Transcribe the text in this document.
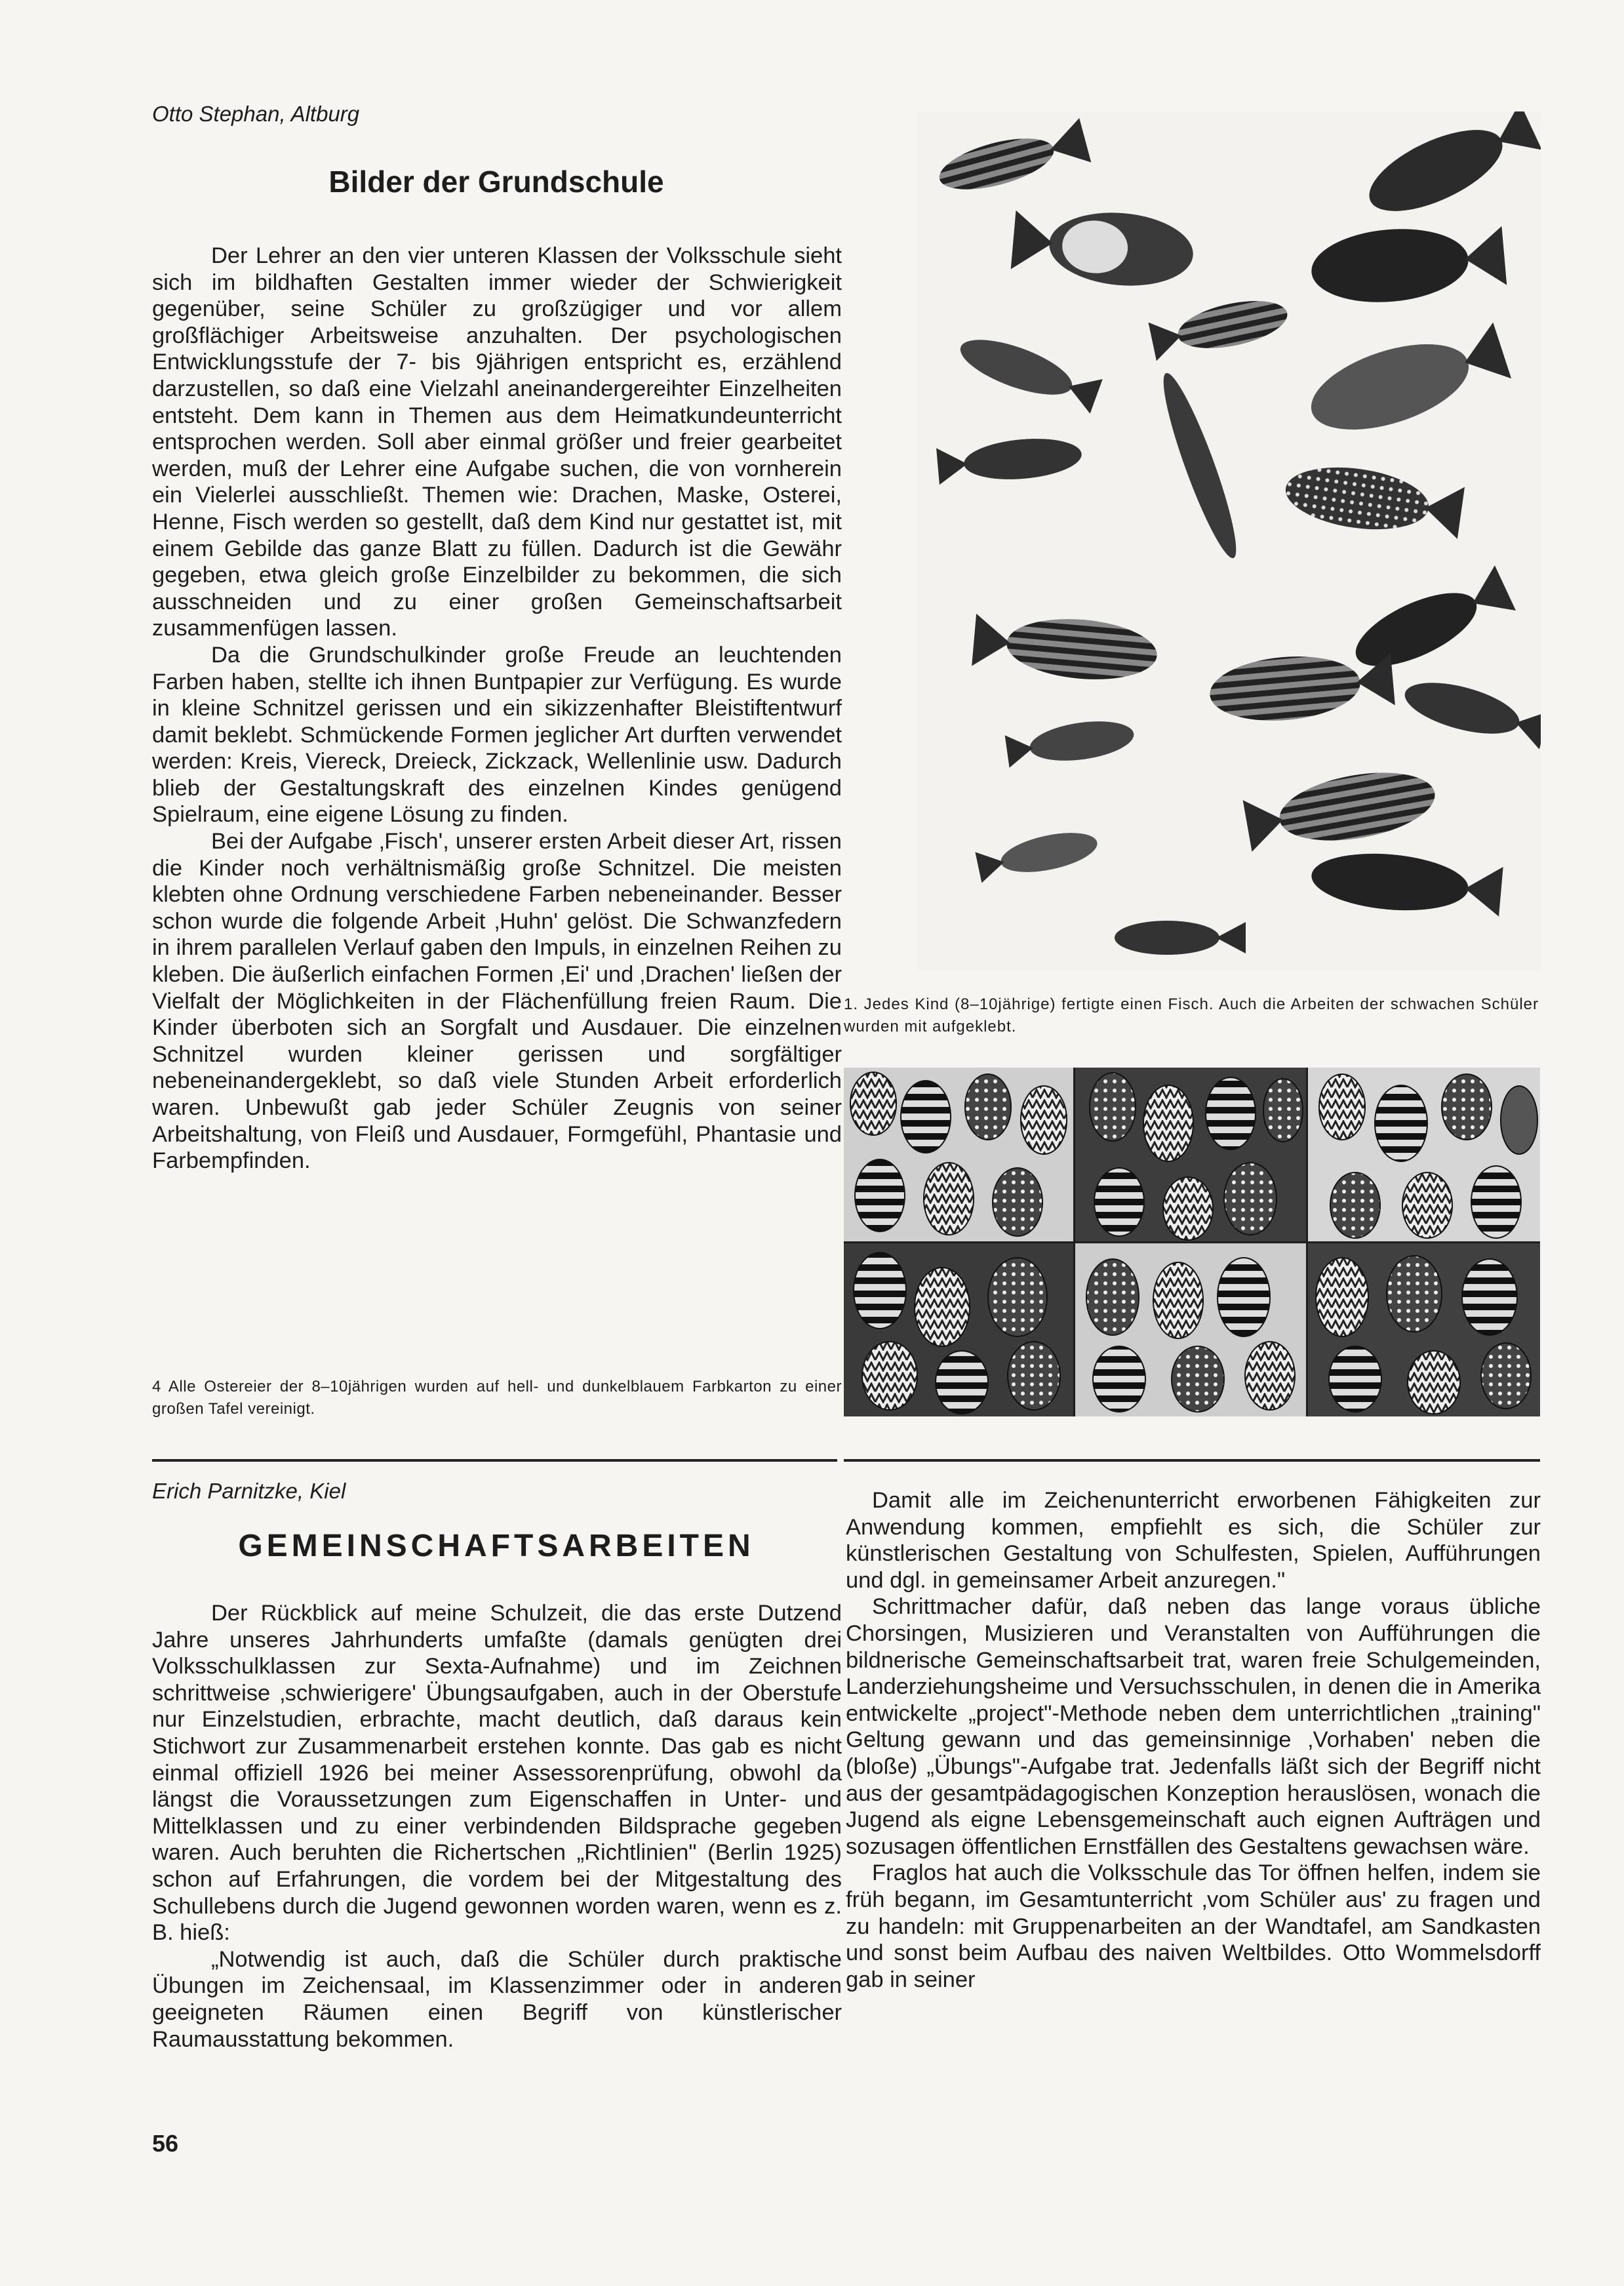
Otto Stephan, Altburg
Bilder der Grundschule

Der Lehrer an den vier unteren Klassen der Volksschule sieht sich im bildhaften Gestalten immer wieder der Schwierigkeit gegenüber, seine Schüler zu großzügiger und vor allem großflächiger Arbeitsweise anzuhalten. Der psychologischen Entwicklungsstufe der 7- bis 9jährigen entspricht es, erzählend darzustellen, so daß eine Vielzahl aneinandergereihter Einzelheiten entsteht. Dem kann in Themen aus dem Heimatkundeunterricht entsprochen werden. Soll aber einmal größer und freier gearbeitet werden, muß der Lehrer eine Aufgabe suchen, die von vornherein ein Vielerlei ausschließt. Themen wie: Drachen, Maske, Osterei, Henne, Fisch werden so gestellt, daß dem Kind nur gestattet ist, mit einem Gebilde das ganze Blatt zu füllen. Dadurch ist die Gewähr gegeben, etwa gleich große Einzelbilder zu bekommen, die sich ausschneiden und zu einer großen Gemeinschaftsarbeit zusammenfügen lassen.

Da die Grundschulkinder große Freude an leuchtenden Farben haben, stellte ich ihnen Buntpapier zur Verfügung. Es wurde in kleine Schnitzel gerissen und ein sikizzenhafter Bleistiftentwurf damit beklebt. Schmückende Formen jeglicher Art durften verwendet werden: Kreis, Viereck, Dreieck, Zickzack, Wellenlinie usw. Dadurch blieb der Gestaltungskraft des einzelnen Kindes genügend Spielraum, eine eigene Lösung zu finden.

Bei der Aufgabe ‚Fisch', unserer ersten Arbeit dieser Art, rissen die Kinder noch verhältnismäßig große Schnitzel. Die meisten klebten ohne Ordnung verschiedene Farben nebeneinander. Besser schon wurde die folgende Arbeit ‚Huhn' gelöst. Die Schwanzfedern in ihrem parallelen Verlauf gaben den Impuls, in einzelnen Reihen zu kleben. Die äußerlich einfachen Formen ‚Ei' und ‚Drachen' ließen der Vielfalt der Möglichkeiten in der Flächenfüllung freien Raum. Die Kinder überboten sich an Sorgfalt und Ausdauer. Die einzelnen Schnitzel wurden kleiner gerissen und sorgfältiger nebeneinandergeklebt, so daß viele Stunden Arbeit erforderlich waren. Unbewußt gab jeder Schüler Zeugnis von seiner Arbeitshaltung, von Fleiß und Ausdauer, Formgefühl, Phantasie und Farbempfinden.

4 Alle Ostereier der 8–10jährigen wurden auf hell- und dunkelblauem Farbkarton zu einer großen Tafel vereinigt.

1. Jedes Kind (8–10jährige) fertigte einen Fisch. Auch die Arbeiten der schwachen Schüler wurden mit aufgeklebt.

Erich Parnitzke, Kiel
GEMEINSCHAFTSARBEITEN

Der Rückblick auf meine Schulzeit, die das erste Dutzend Jahre unseres Jahrhunderts umfaßte (damals genügten drei Volksschulklassen zur Sexta-Aufnahme) und im Zeichnen schrittweise ‚schwierigere' Übungsaufgaben, auch in der Oberstufe nur Einzelstudien, erbrachte, macht deutlich, daß daraus kein Stichwort zur Zusammenarbeit erstehen konnte. Das gab es nicht einmal offiziell 1926 bei meiner Assessorenprüfung, obwohl da längst die Voraussetzungen zum Eigenschaffen in Unter- und Mittelklassen und zu einer verbindenden Bildsprache gegeben waren. Auch beruhten die Richertschen „Richtlinien" (Berlin 1925) schon auf Erfahrungen, die vordem bei der Mitgestaltung des Schullebens durch die Jugend gewonnen worden waren, wenn es z. B. hieß:

„Notwendig ist auch, daß die Schüler durch praktische Übungen im Zeichensaal, im Klassenzimmer oder in anderen geeigneten Räumen einen Begriff von künstlerischer Raumausstattung bekommen.

Damit alle im Zeichenunterricht erworbenen Fähigkeiten zur Anwendung kommen, empfiehlt es sich, die Schüler zur künstlerischen Gestaltung von Schulfesten, Spielen, Aufführungen und dgl. in gemeinsamer Arbeit anzuregen."

Schrittmacher dafür, daß neben das lange voraus übliche Chorsingen, Musizieren und Veranstalten von Aufführungen die bildnerische Gemeinschaftsarbeit trat, waren freie Schulgemeinden, Landerziehungsheime und Versuchsschulen, in denen die in Amerika entwickelte „project"-Methode neben dem unterrichtlichen „training" Geltung gewann und das gemeinsinnige ‚Vorhaben' neben die (bloße) „Übungs"-Aufgabe trat. Jedenfalls läßt sich der Begriff nicht aus der gesamtpädagogischen Konzeption herauslösen, wonach die Jugend als eigne Lebensgemeinschaft auch eignen Aufträgen und sozusagen öffentlichen Ernstfällen des Gestaltens gewachsen wäre.

Fraglos hat auch die Volksschule das Tor öffnen helfen, indem sie früh begann, im Gesamtunterricht ‚vom Schüler aus' zu fragen und zu handeln: mit Gruppenarbeiten an der Wandtafel, am Sandkasten und sonst beim Aufbau des naiven Weltbildes. Otto Wommelsdorff gab in seiner

56
